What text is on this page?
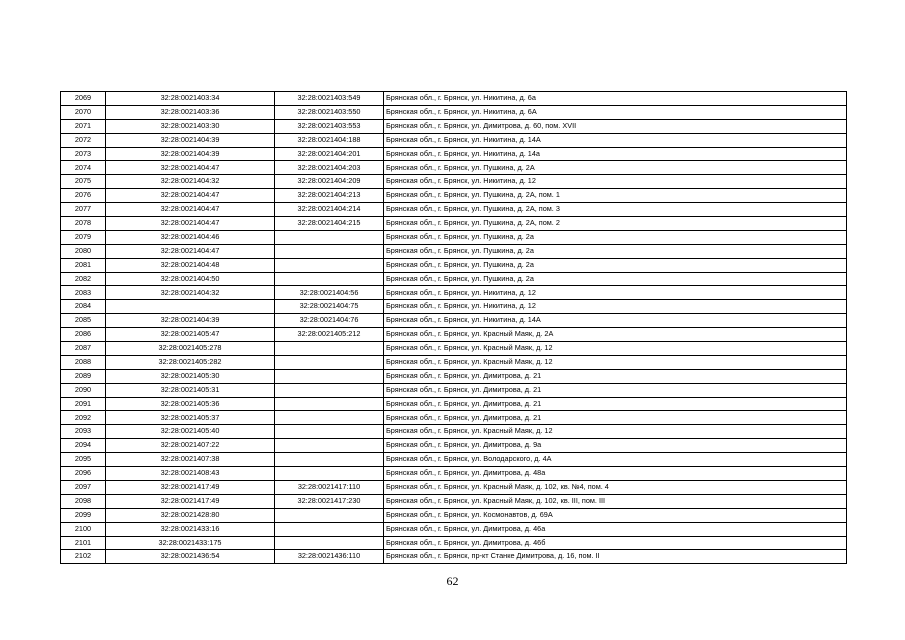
2069	32:28:0021403:34	32:28:0021403:549	Брянская обл., г. Брянск, ул. Никитина, д. 6а
2070	32:28:0021403:36	32:28:0021403:550	Брянская обл., г. Брянск, ул. Никитина, д. 6А
2071	32:28:0021403:30	32:28:0021403:553	Брянская обл., г. Брянск, ул. Димитрова, д. 60, пом. XVII
2072	32:28:0021404:39	32:28:0021404:188	Брянская обл., г. Брянск, ул. Никитина, д. 14А
2073	32:28:0021404:39	32:28:0021404:201	Брянская обл., г. Брянск, ул. Никитина, д. 14а
2074	32:28:0021404:47	32:28:0021404:203	Брянская обл., г. Брянск, ул. Пушкина, д. 2А
2075	32:28:0021404:32	32:28:0021404:209	Брянская обл., г. Брянск, ул. Никитина, д. 12
2076	32:28:0021404:47	32:28:0021404:213	Брянская обл., г. Брянск, ул. Пушкина, д. 2А, пом. 1
2077	32:28:0021404:47	32:28:0021404:214	Брянская обл., г. Брянск, ул. Пушкина, д. 2А, пом. 3
2078	32:28:0021404:47	32:28:0021404:215	Брянская обл., г. Брянск, ул. Пушкина, д. 2А, пом. 2
2079	32:28:0021404:46		Брянская обл., г. Брянск, ул. Пушкина, д. 2а
2080	32:28:0021404:47		Брянская обл., г. Брянск, ул. Пушкина, д. 2а
2081	32:28:0021404:48		Брянская обл., г. Брянск, ул. Пушкина, д. 2а
2082	32:28:0021404:50		Брянская обл., г. Брянск, ул. Пушкина, д. 2а
2083	32:28:0021404:32	32:28:0021404:56	Брянская обл., г. Брянск, ул. Никитина, д. 12
2084		32:28:0021404:75	Брянская обл., г. Брянск, ул. Никитина, д. 12
2085	32:28:0021404:39	32:28:0021404:76	Брянская обл., г. Брянск, ул. Никитина, д. 14А
2086	32:28:0021405:47	32:28:0021405:212	Брянская обл., г. Брянск, ул. Красный Маяк, д. 2А
2087	32:28:0021405:278		Брянская обл., г. Брянск, ул. Красный Маяк, д. 12
2088	32:28:0021405:282		Брянская обл., г. Брянск, ул. Красный Маяк, д. 12
2089	32:28:0021405:30		Брянская обл., г. Брянск, ул. Димитрова, д. 21
2090	32:28:0021405:31		Брянская обл., г. Брянск, ул. Димитрова, д. 21
2091	32:28:0021405:36		Брянская обл., г. Брянск, ул. Димитрова, д. 21
2092	32:28:0021405:37		Брянская обл., г. Брянск, ул. Димитрова, д. 21
2093	32:28:0021405:40		Брянская обл., г. Брянск, ул. Красный Маяк, д. 12
2094	32:28:0021407:22		Брянская обл., г. Брянск, ул. Димитрова, д. 9а
2095	32:28:0021407:38		Брянская обл., г. Брянск, ул. Володарского, д. 4А
2096	32:28:0021408:43		Брянская обл., г. Брянск, ул. Димитрова, д. 48а
2097	32:28:0021417:49	32:28:0021417:110	Брянская обл., г. Брянск, ул. Красный Маяк, д. 102, кв. №4, пом. 4
2098	32:28:0021417:49	32:28:0021417:230	Брянская обл., г. Брянск, ул. Красный Маяк, д. 102, кв. III, пом. III
2099	32:28:0021428:80		Брянская обл., г. Брянск, ул. Космонавтов, д. 69А
2100	32:28:0021433:16		Брянская обл., г. Брянск, ул. Димитрова, д. 46а
2101	32:28:0021433:175		Брянская обл., г. Брянск, ул. Димитрова, д. 46б
2102	32:28:0021436:54	32:28:0021436:110	Брянская обл., г. Брянск, пр-кт Станке Димитрова, д. 16, пом. II
62
